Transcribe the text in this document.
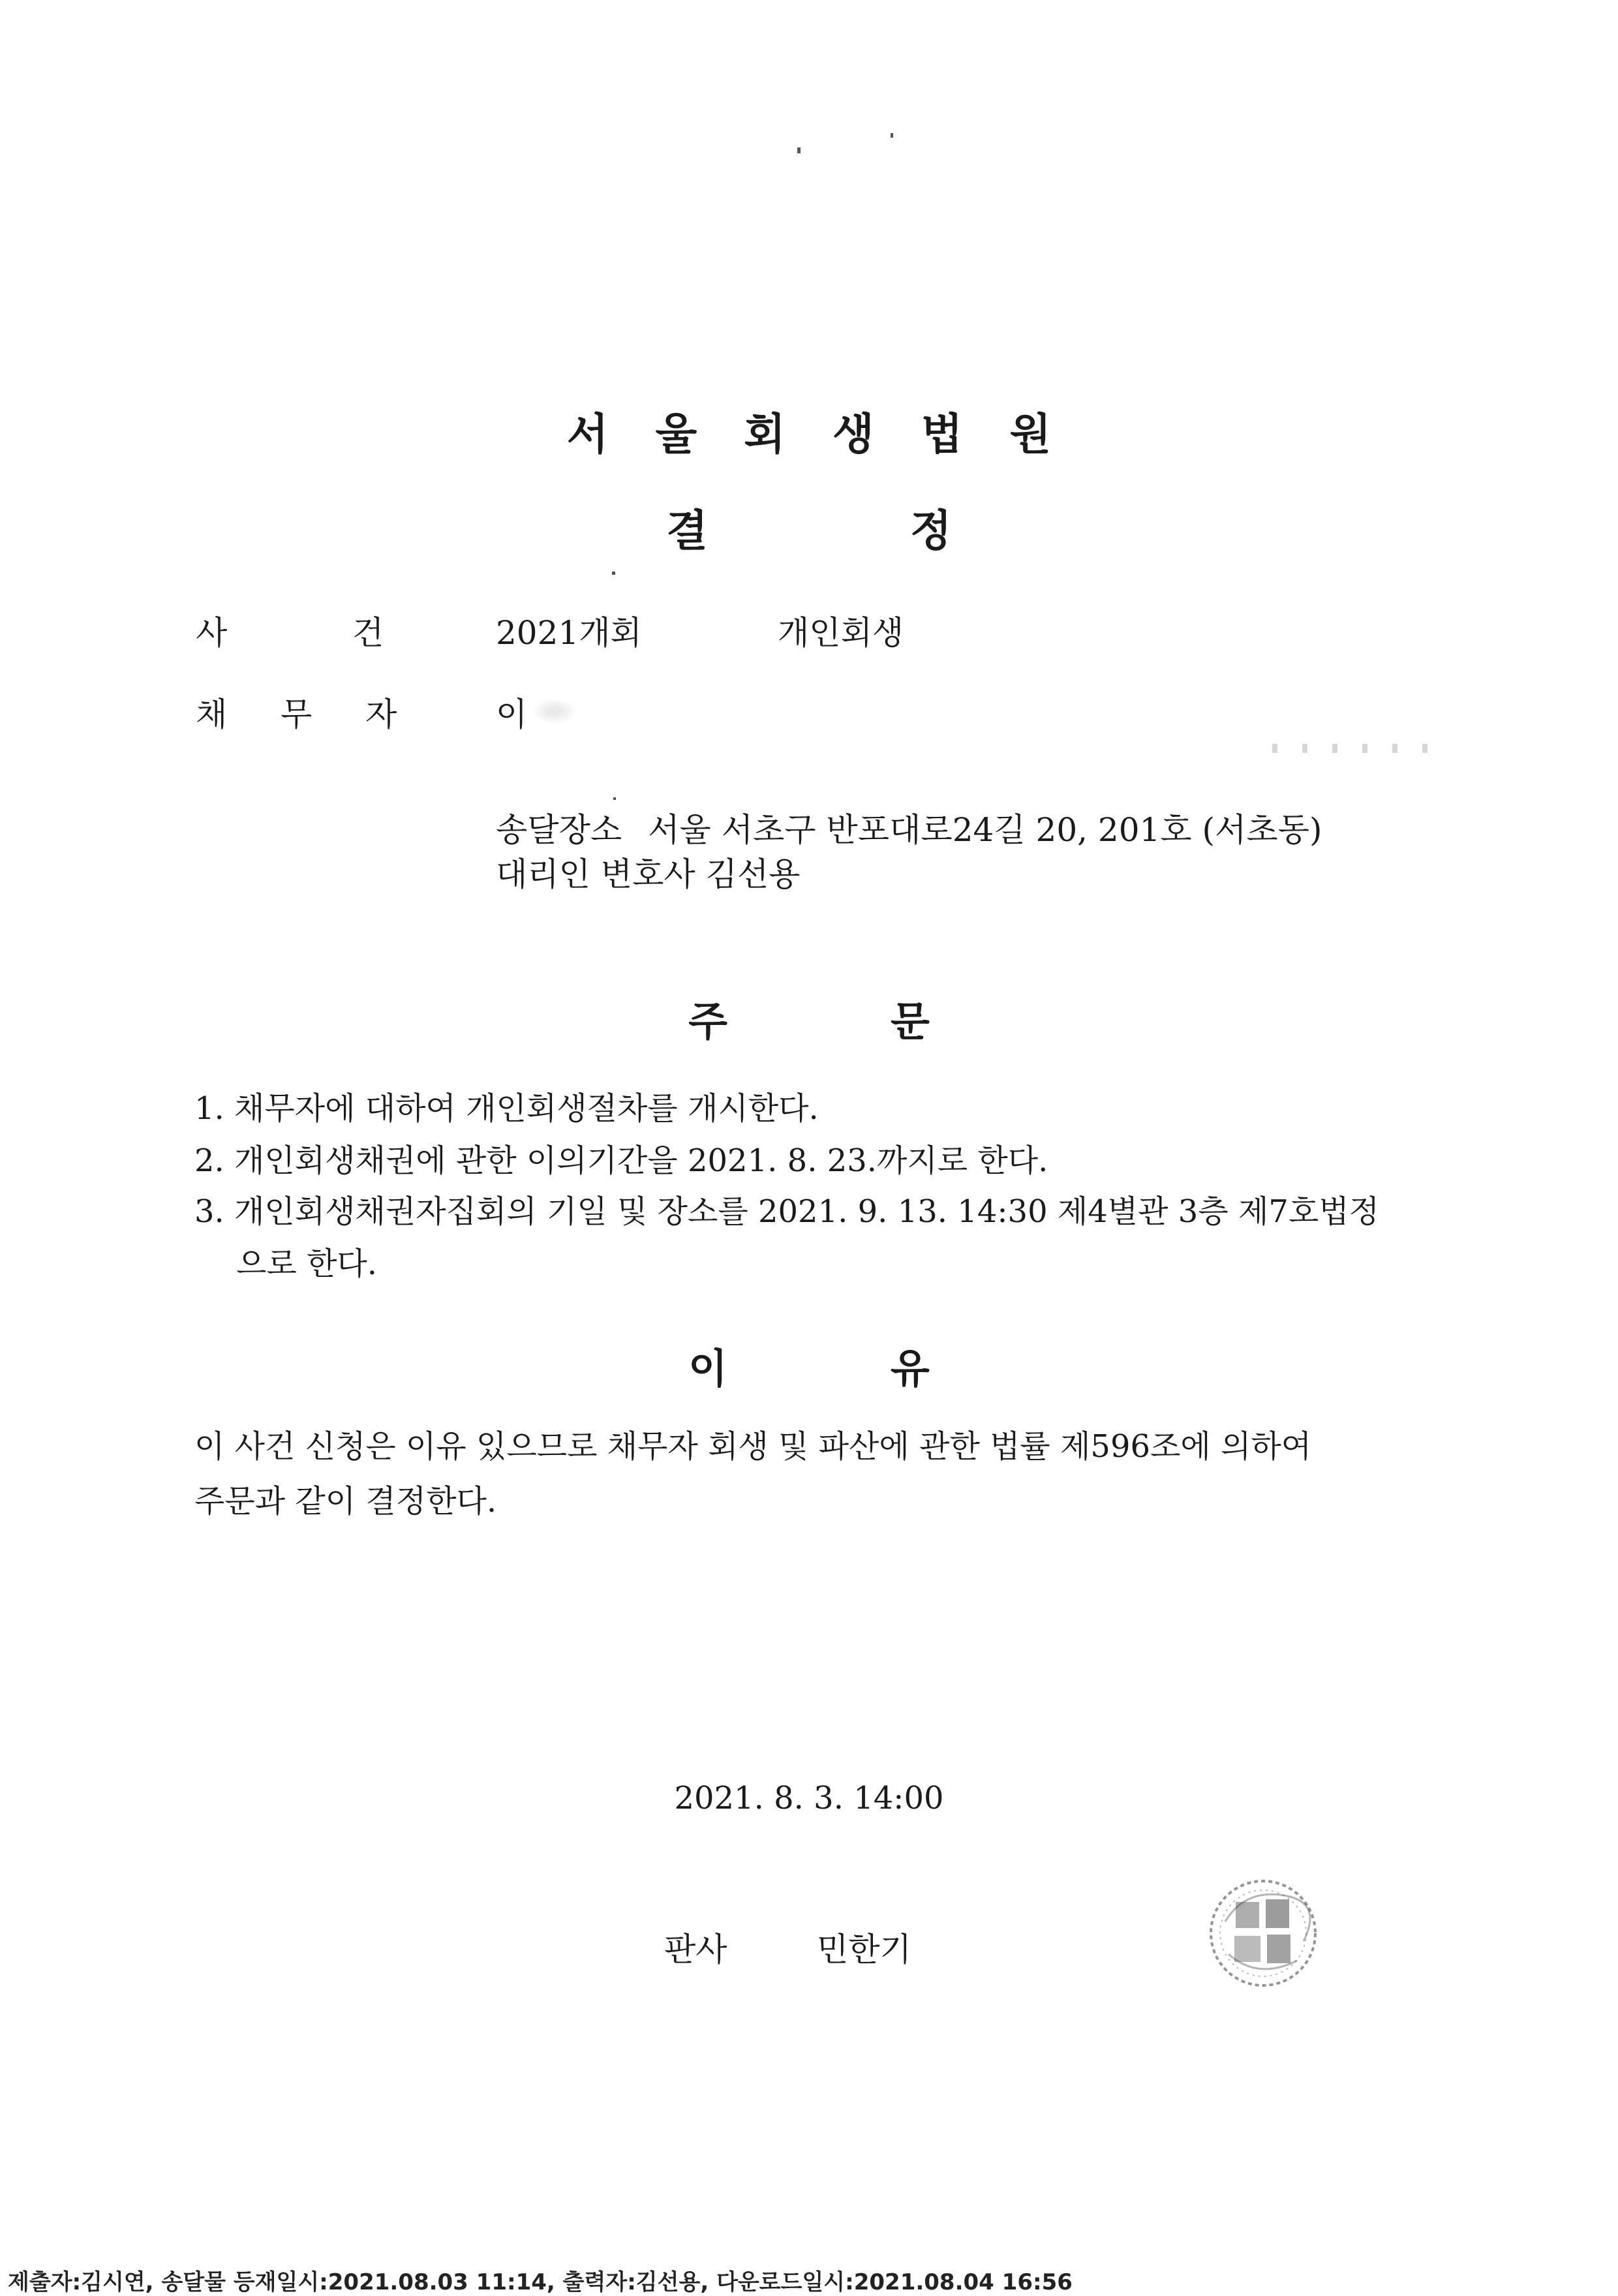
서울회생법원
결	정
사	건	2021개회	개인회생
채 무 자	이
송달장소 서울 서초구 반포대로24길 20, 201호 (서초동)
대리인 변호사 김선용
주	문
1. 채무자에 대하여 개인회생절차를 개시한다.
2. 개인회생채권에 관한 이의기간을 2021. 8. 23.까지로 한다.
3. 개인회생채권자집회의 기일 및 장소를 2021. 9. 13. 14:30 제4별관 3층 제7호법정
으로 한다.
이	유
이 사건 신청은 이유 있으므로 채무자 회생 및 파산에 관한 법률 제596조에 의하여
주문과 같이 결정한다.
2021. 8. 3. 14:00
판사	민한기
제출자:김시연, 송달물 등재일시:2021.08.03 11:14, 출력자:김선용, 다운로드일시:2021.08.04 16:56
